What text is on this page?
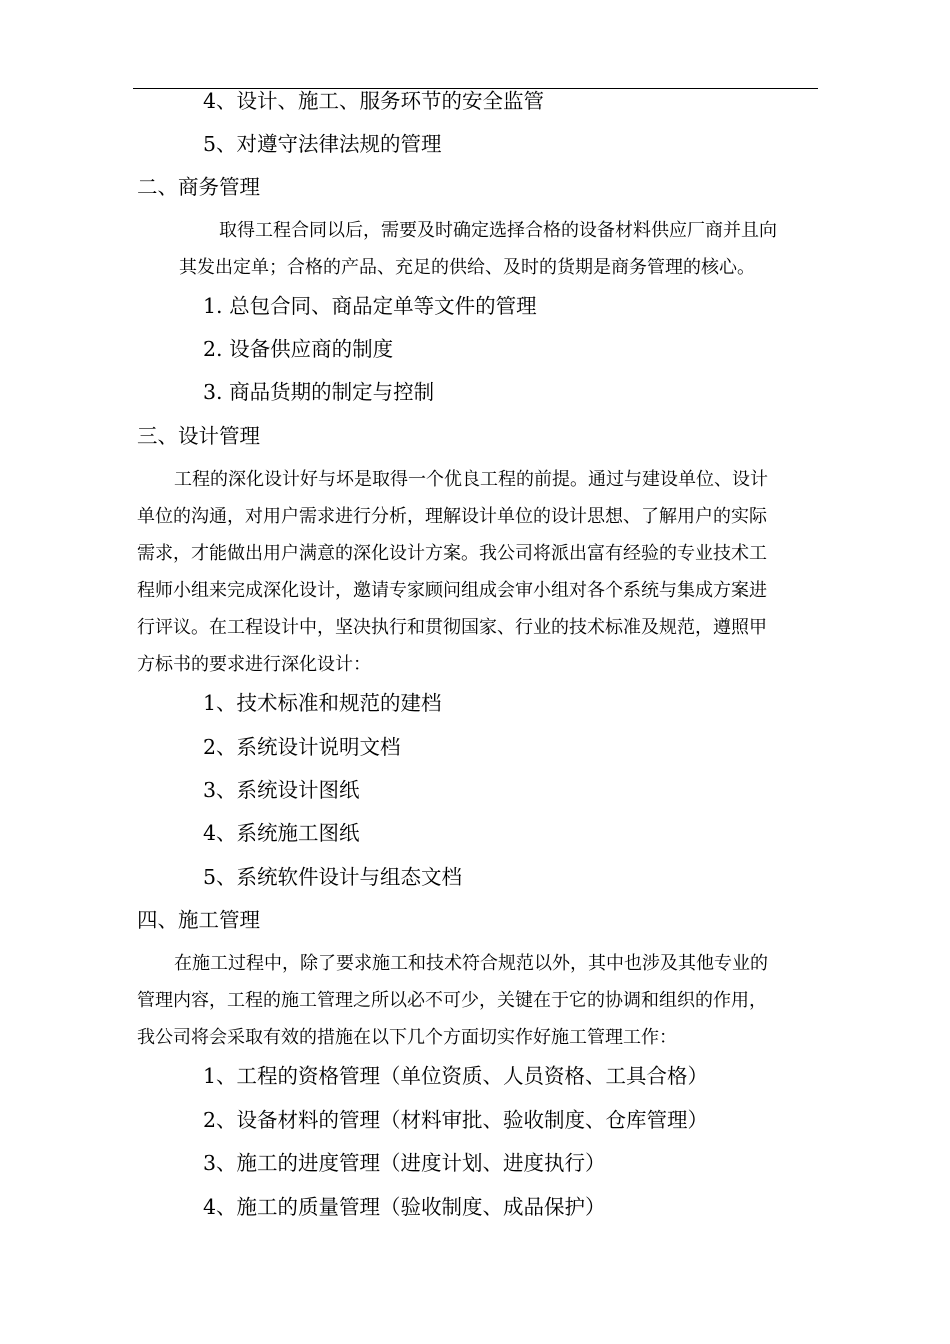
4、设计、施工、服务环节的安全监管
5、对遵守法律法规的管理
二、商务管理
取得工程合同以后，需要及时确定选择合格的设备材料供应厂商并且向
其发出定单；合格的产品、充足的供给、及时的货期是商务管理的核心。
1. 总包合同、商品定单等文件的管理
2. 设备供应商的制度
3. 商品货期的制定与控制
三、设计管理
工程的深化设计好与坏是取得一个优良工程的前提。通过与建设单位、设计
单位的沟通，对用户需求进行分析，理解设计单位的设计思想、了解用户的实际
需求，才能做出用户满意的深化设计方案。我公司将派出富有经验的专业技术工
程师小组来完成深化设计，邀请专家顾问组成会审小组对各个系统与集成方案进
行评议。在工程设计中，坚决执行和贯彻国家、行业的技术标准及规范，遵照甲
方标书的要求进行深化设计：
1、技术标准和规范的建档
2、系统设计说明文档
3、系统设计图纸
4、系统施工图纸
5、系统软件设计与组态文档
四、施工管理
在施工过程中，除了要求施工和技术符合规范以外，其中也涉及其他专业的
管理内容，工程的施工管理之所以必不可少，关键在于它的协调和组织的作用，
我公司将会采取有效的措施在以下几个方面切实作好施工管理工作：
1、工程的资格管理（单位资质、人员资格、工具合格）
2、设备材料的管理（材料审批、验收制度、仓库管理）
3、施工的进度管理（进度计划、进度执行）
4、施工的质量管理（验收制度、成品保护）
